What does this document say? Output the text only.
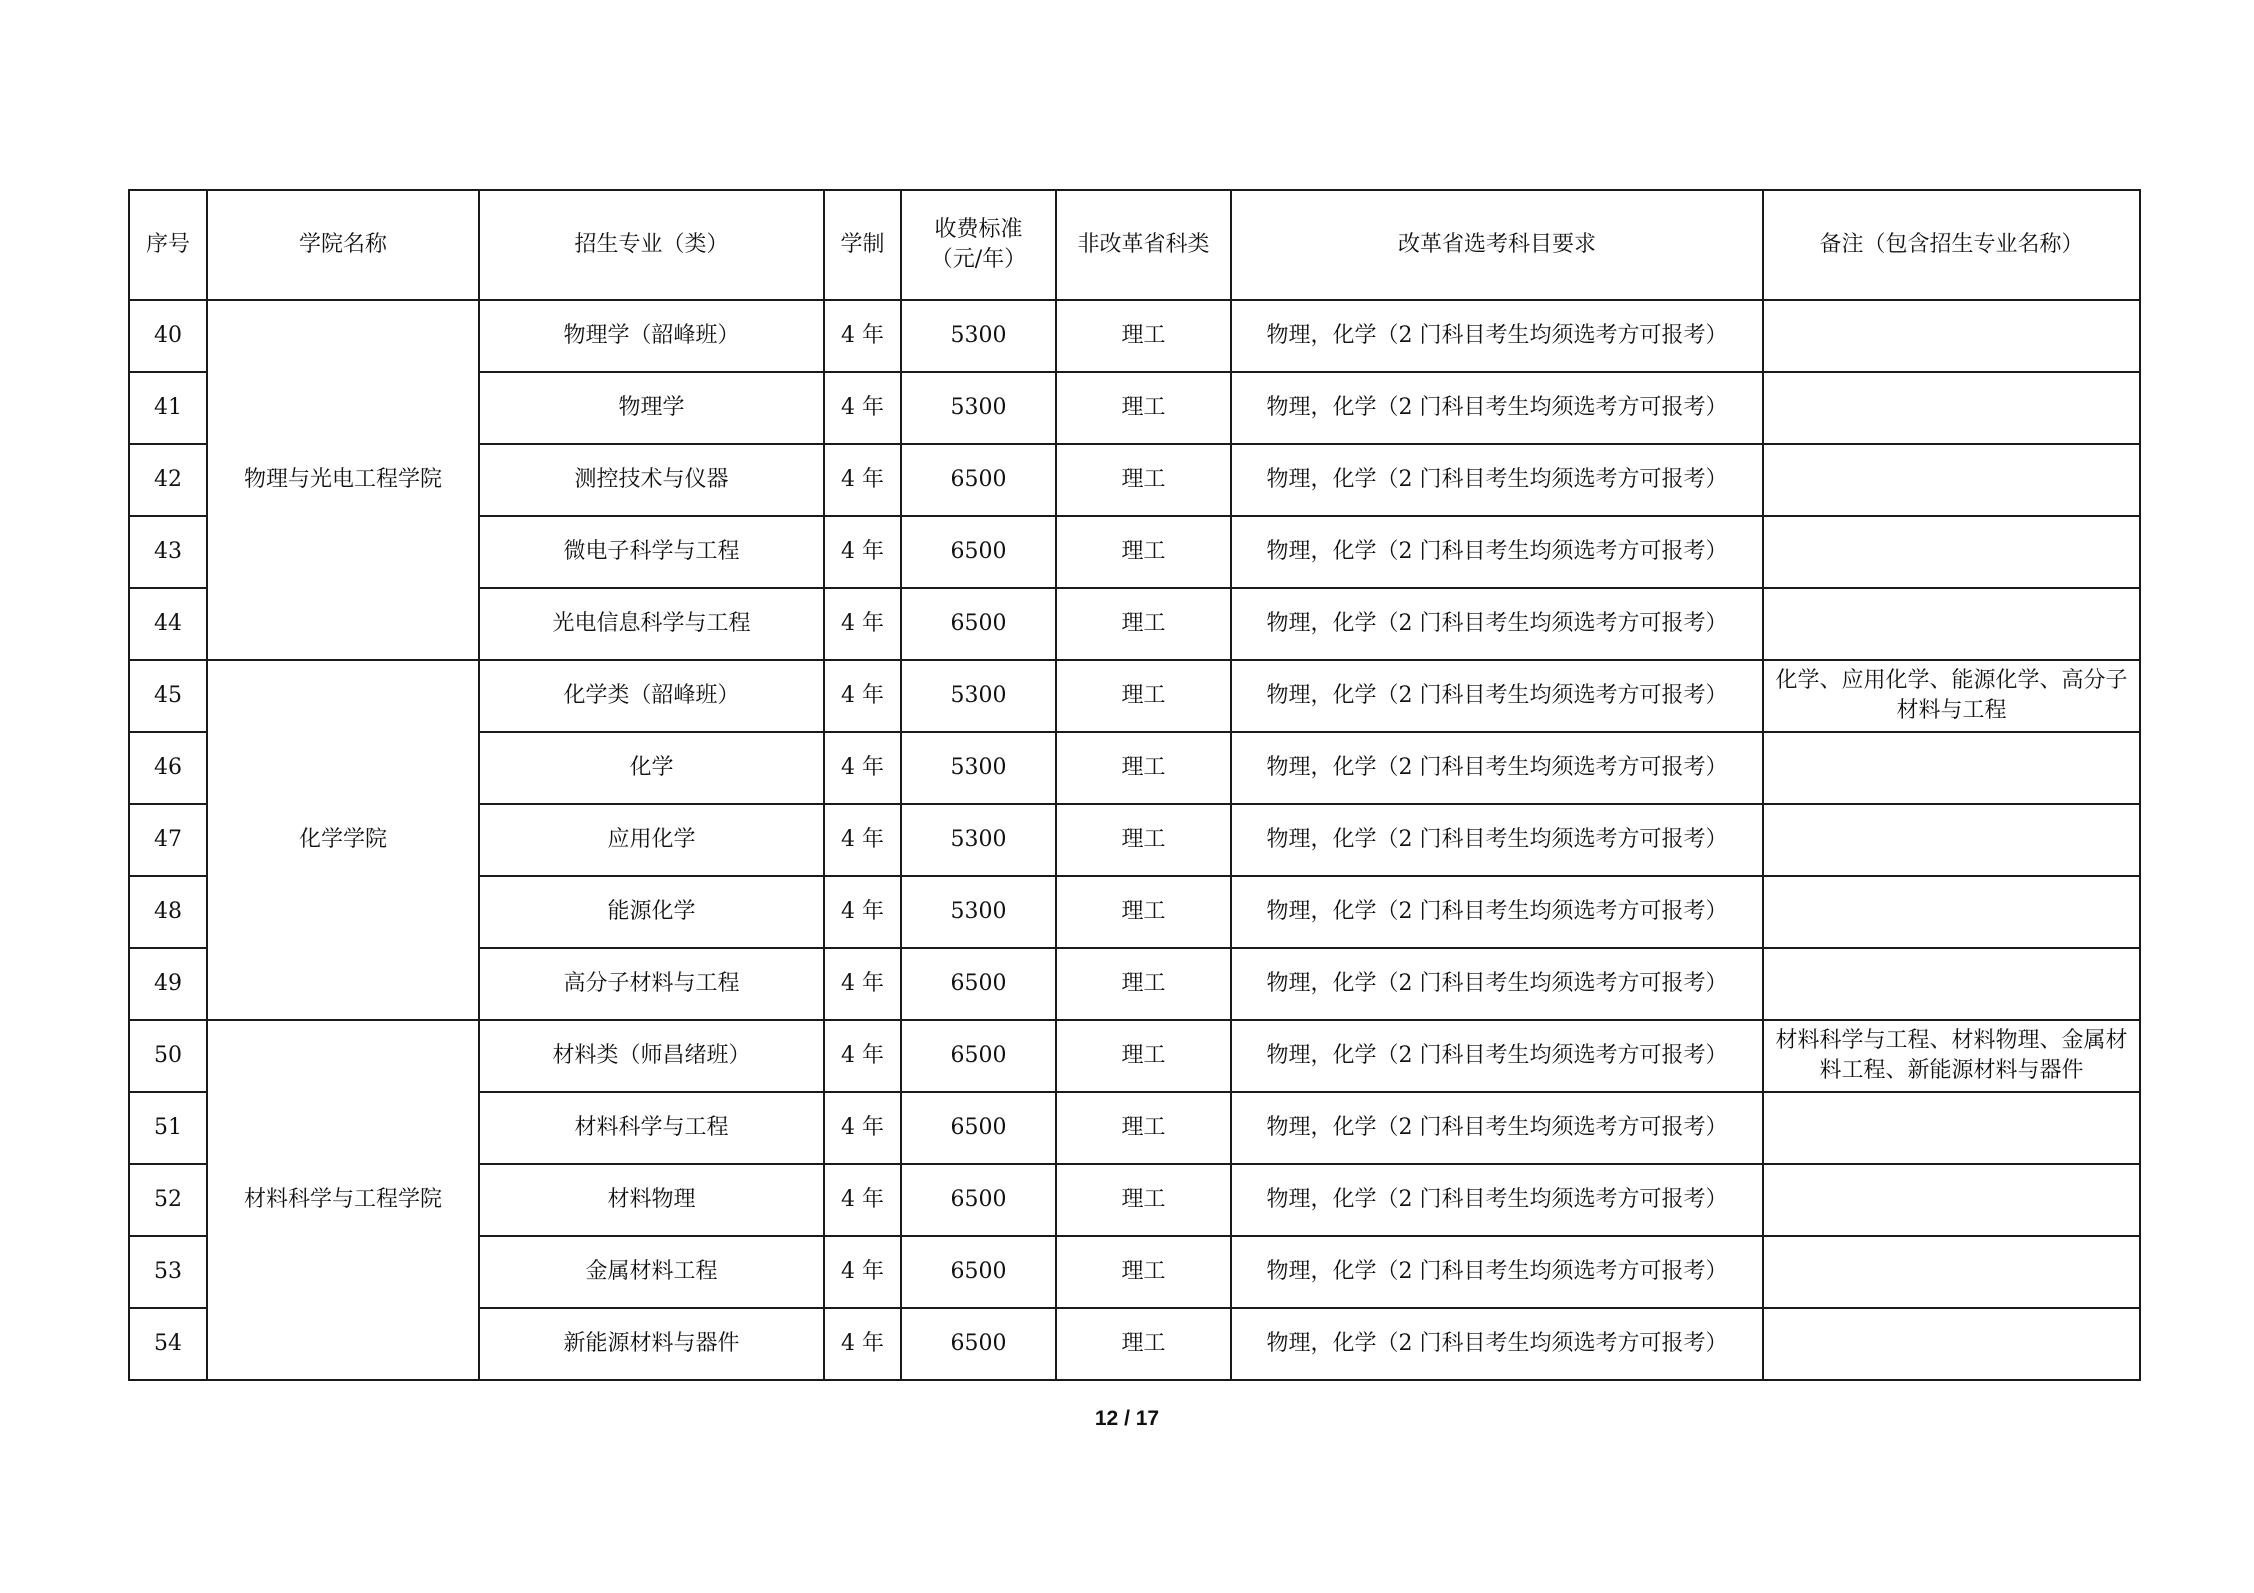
序号	学院名称	招生专业（类）	学制	收费标准
（元/年）	非改革省科类	改革省选考科目要求	备注（包含招生专业名称）
40	物理与光电工程学院	物理学（韶峰班）	4 年	5300	理工	物理，化学（2 门科目考生均须选考方可报考）	
41		物理学	4 年	5300	理工	物理，化学（2 门科目考生均须选考方可报考）	
42		测控技术与仪器	4 年	6500	理工	物理，化学（2 门科目考生均须选考方可报考）	
43		微电子科学与工程	4 年	6500	理工	物理，化学（2 门科目考生均须选考方可报考）	
44		光电信息科学与工程	4 年	6500	理工	物理，化学（2 门科目考生均须选考方可报考）	
45	化学学院	化学类（韶峰班）	4 年	5300	理工	物理，化学（2 门科目考生均须选考方可报考）	化学、应用化学、能源化学、高分子材料与工程
46		化学	4 年	5300	理工	物理，化学（2 门科目考生均须选考方可报考）	
47		应用化学	4 年	5300	理工	物理，化学（2 门科目考生均须选考方可报考）	
48		能源化学	4 年	5300	理工	物理，化学（2 门科目考生均须选考方可报考）	
49		高分子材料与工程	4 年	6500	理工	物理，化学（2 门科目考生均须选考方可报考）	
50	材料科学与工程学院	材料类（师昌绪班）	4 年	6500	理工	物理，化学（2 门科目考生均须选考方可报考）	材料科学与工程、材料物理、金属材料工程、新能源材料与器件
51		材料科学与工程	4 年	6500	理工	物理，化学（2 门科目考生均须选考方可报考）	
52		材料物理	4 年	6500	理工	物理，化学（2 门科目考生均须选考方可报考）	
53		金属材料工程	4 年	6500	理工	物理，化学（2 门科目考生均须选考方可报考）	
54		新能源材料与器件	4 年	6500	理工	物理，化学（2 门科目考生均须选考方可报考）	
12 / 17
